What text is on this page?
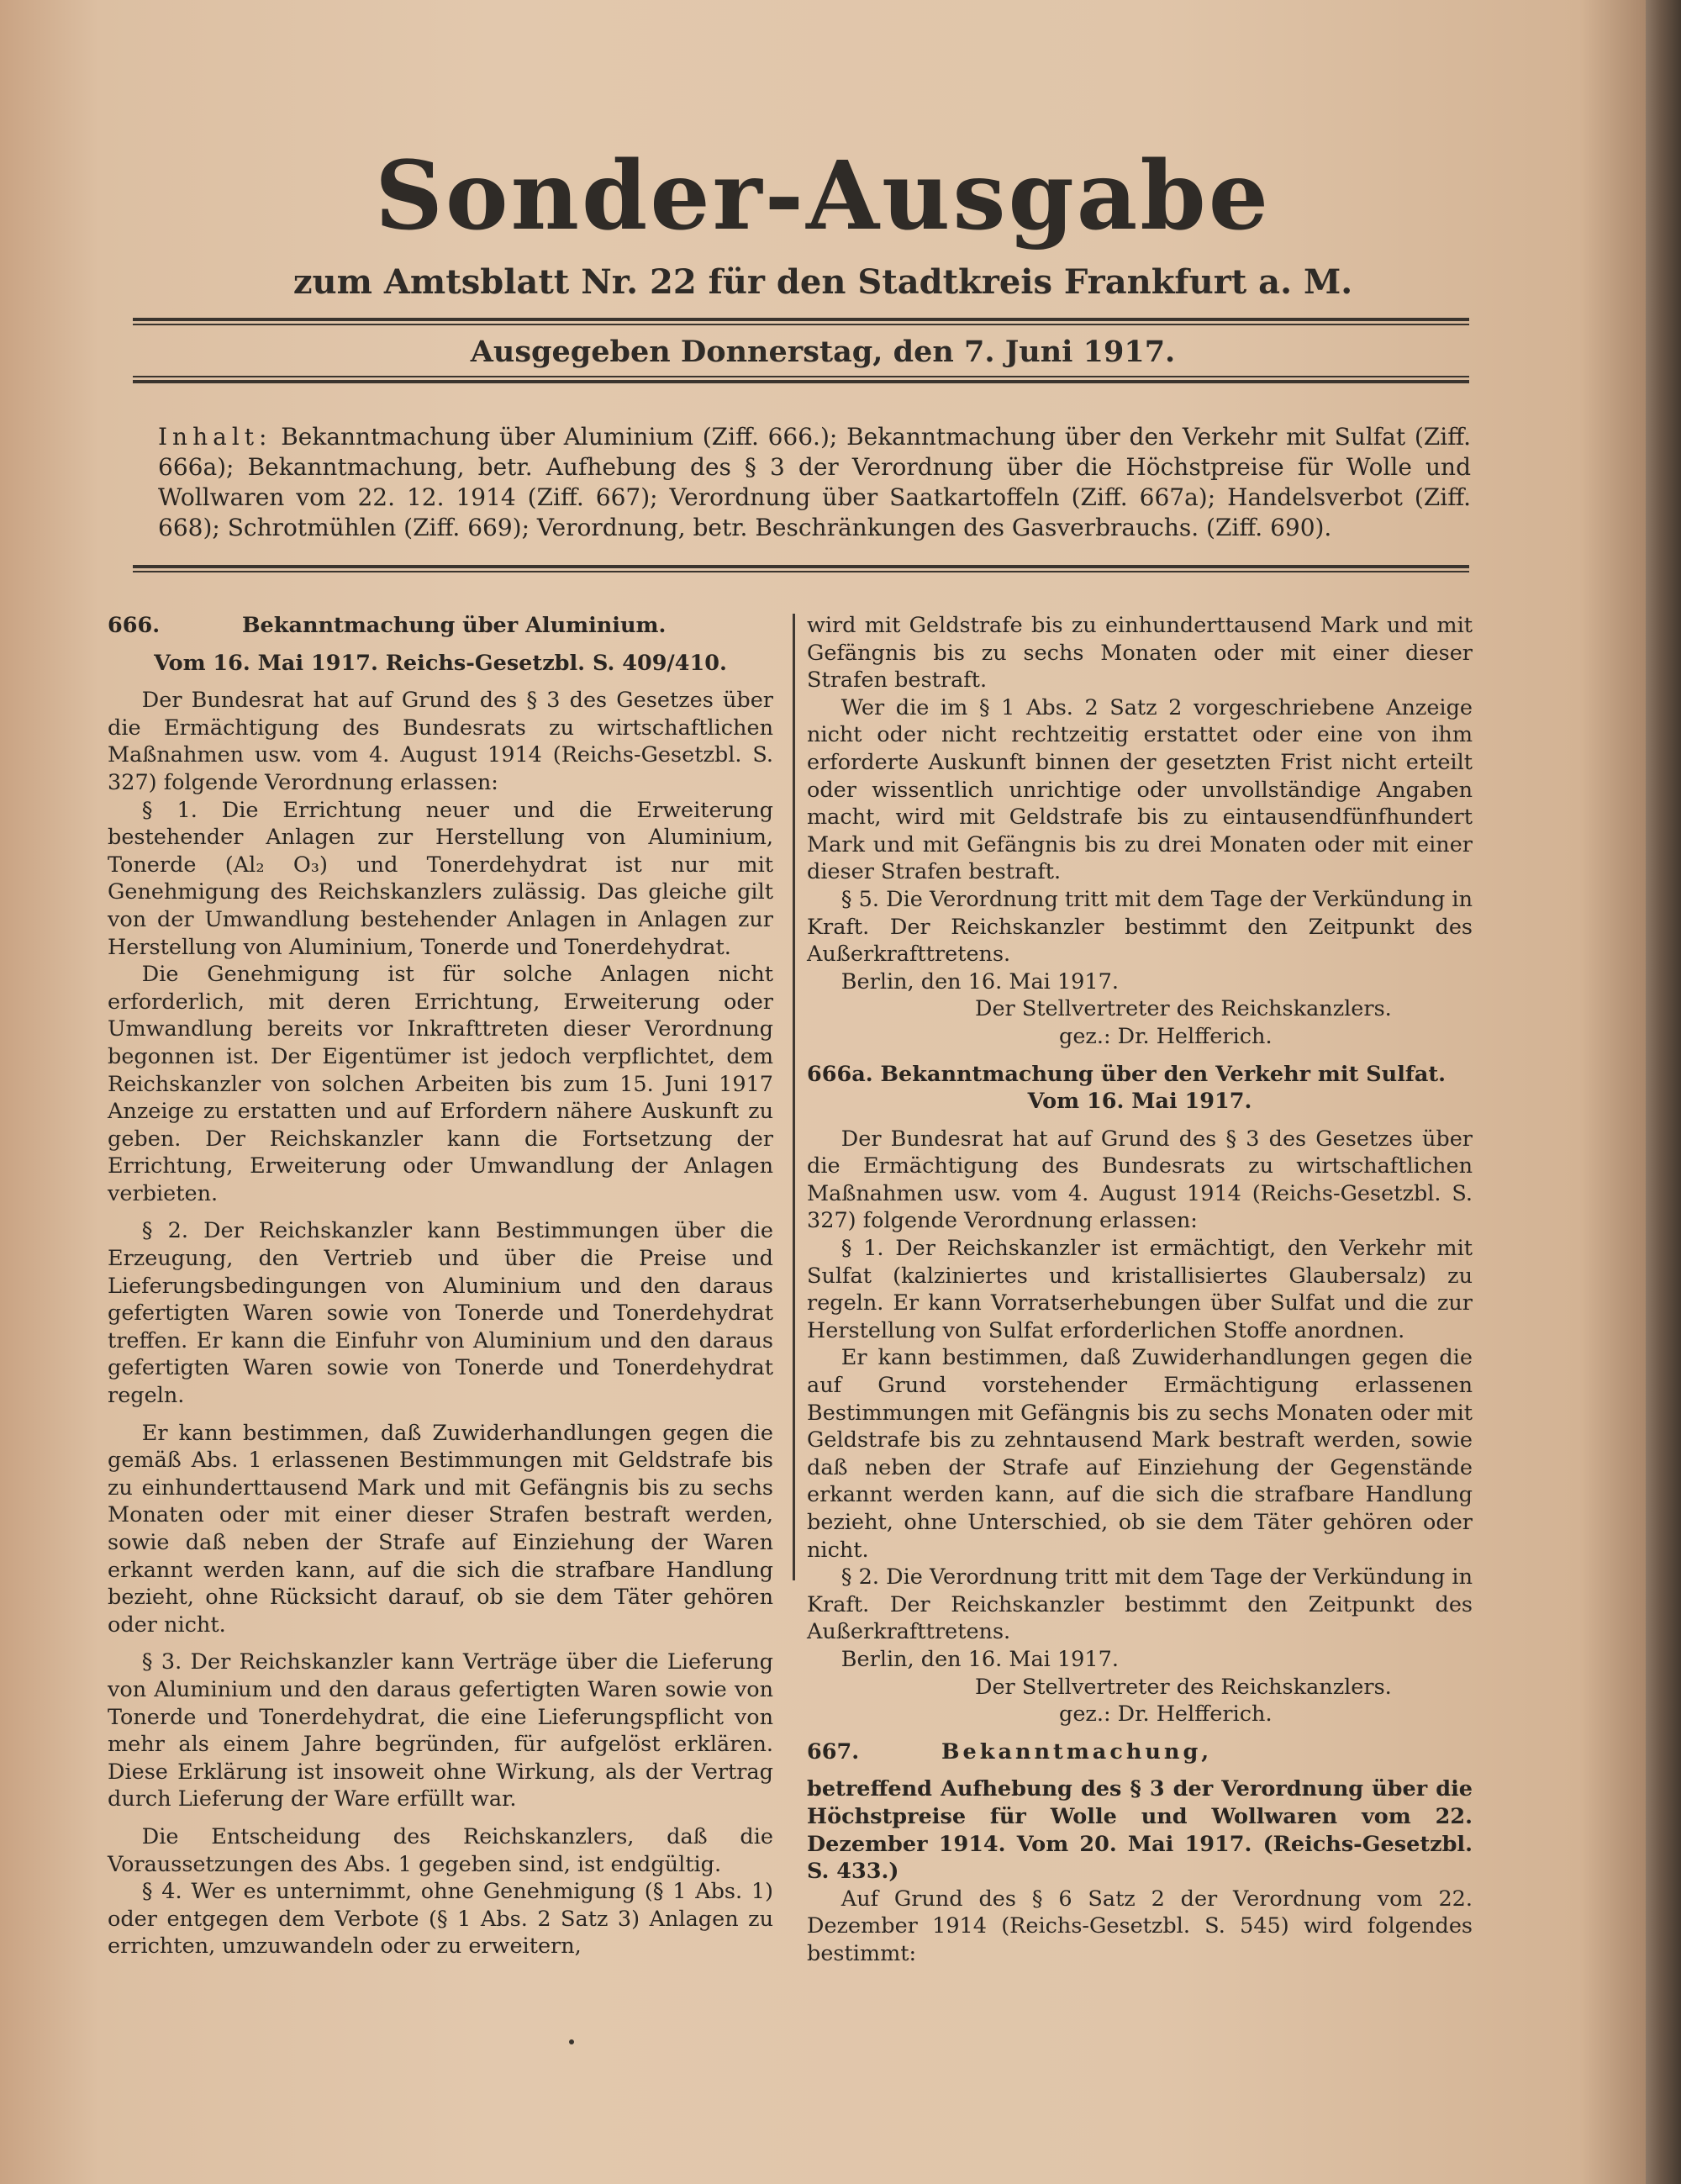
Sonder-Ausgabe
zum Amtsblatt Nr. 22 für den Stadtkreis Frankfurt a. M.
Ausgegeben Donnerstag, den 7. Juni 1917.
Inhalt: Bekanntmachung über Aluminium (Ziff. 666.); Bekanntmachung über den Verkehr mit Sulfat (Ziff. 666a); Bekanntmachung, betr. Aufhebung des § 3 der Verordnung über die Höchstpreise für Wolle und Wollwaren vom 22. 12. 1914 (Ziff. 667); Verordnung über Saatkartoffeln (Ziff. 667a); Handelsverbot (Ziff. 668); Schrotmühlen (Ziff. 669); Verordnung, betr. Beschränkungen des Gasverbrauchs. (Ziff. 690).

666.	Bekanntmachung über Aluminium.

Vom 16. Mai 1917. Reichs-Gesetzbl. S. 409/410.

Der Bundesrat hat auf Grund des § 3 des Gesetzes über die Ermächtigung des Bundesrats zu wirtschaftlichen Maßnahmen usw. vom 4. August 1914 (Reichs-Gesetzbl. S. 327) folgende Verordnung erlassen:

§ 1. Die Errichtung neuer und die Erweiterung bestehender Anlagen zur Herstellung von Aluminium, Tonerde (Al₂ O₃) und Tonerdehydrat ist nur mit Genehmigung des Reichskanzlers zulässig. Das gleiche gilt von der Umwandlung bestehender Anlagen in Anlagen zur Herstellung von Aluminium, Tonerde und Tonerdehydrat.

Die Genehmigung ist für solche Anlagen nicht erforderlich, mit deren Errichtung, Erweiterung oder Umwandlung bereits vor Inkrafttreten dieser Verordnung begonnen ist. Der Eigentümer ist jedoch verpflichtet, dem Reichskanzler von solchen Arbeiten bis zum 15. Juni 1917 Anzeige zu erstatten und auf Erfordern nähere Auskunft zu geben. Der Reichskanzler kann die Fortsetzung der Errichtung, Erweiterung oder Umwandlung der Anlagen verbieten.

§ 2. Der Reichskanzler kann Bestimmungen über die Erzeugung, den Vertrieb und über die Preise und Lieferungsbedingungen von Aluminium und den daraus gefertigten Waren sowie von Tonerde und Tonerdehydrat treffen. Er kann die Einfuhr von Aluminium und den daraus gefertigten Waren sowie von Tonerde und Tonerdehydrat regeln.

Er kann bestimmen, daß Zuwiderhandlungen gegen die gemäß Abs. 1 erlassenen Bestimmungen mit Geldstrafe bis zu einhunderttausend Mark und mit Gefängnis bis zu sechs Monaten oder mit einer dieser Strafen bestraft werden, sowie daß neben der Strafe auf Einziehung der Waren erkannt werden kann, auf die sich die strafbare Handlung bezieht, ohne Rücksicht darauf, ob sie dem Täter gehören oder nicht.

§ 3. Der Reichskanzler kann Verträge über die Lieferung von Aluminium und den daraus gefertigten Waren sowie von Tonerde und Tonerdehydrat, die eine Lieferungspflicht von mehr als einem Jahre begründen, für aufgelöst erklären. Diese Erklärung ist insoweit ohne Wirkung, als der Vertrag durch Lieferung der Ware erfüllt war.

Die Entscheidung des Reichskanzlers, daß die Voraussetzungen des Abs. 1 gegeben sind, ist endgültig.

§ 4. Wer es unternimmt, ohne Genehmigung (§ 1 Abs. 1) oder entgegen dem Verbote (§ 1 Abs. 2 Satz 3) Anlagen zu errichten, umzuwandeln oder zu erweitern,

wird mit Geldstrafe bis zu einhunderttausend Mark und mit Gefängnis bis zu sechs Monaten oder mit einer dieser Strafen bestraft.

Wer die im § 1 Abs. 2 Satz 2 vorgeschriebene Anzeige nicht oder nicht rechtzeitig erstattet oder eine von ihm erforderte Auskunft binnen der gesetzten Frist nicht erteilt oder wissentlich unrichtige oder unvollständige Angaben macht, wird mit Geldstrafe bis zu eintausendfünfhundert Mark und mit Gefängnis bis zu drei Monaten oder mit einer dieser Strafen bestraft.

§ 5. Die Verordnung tritt mit dem Tage der Verkündung in Kraft. Der Reichskanzler bestimmt den Zeitpunkt des Außerkrafttretens.

Berlin, den 16. Mai 1917.

Der Stellvertreter des Reichskanzlers.

gez.: Dr. Helfferich.

666a. Bekanntmachung über den Verkehr mit Sulfat.

Vom 16. Mai 1917.

Der Bundesrat hat auf Grund des § 3 des Gesetzes über die Ermächtigung des Bundesrats zu wirtschaftlichen Maßnahmen usw. vom 4. August 1914 (Reichs-Gesetzbl. S. 327) folgende Verordnung erlassen:

§ 1. Der Reichskanzler ist ermächtigt, den Verkehr mit Sulfat (kalziniertes und kristallisiertes Glaubersalz) zu regeln. Er kann Vorratserhebungen über Sulfat und die zur Herstellung von Sulfat erforderlichen Stoffe anordnen.

Er kann bestimmen, daß Zuwiderhandlungen gegen die auf Grund vorstehender Ermächtigung erlassenen Bestimmungen mit Gefängnis bis zu sechs Monaten oder mit Geldstrafe bis zu zehntausend Mark bestraft werden, sowie daß neben der Strafe auf Einziehung der Gegenstände erkannt werden kann, auf die sich die strafbare Handlung bezieht, ohne Unterschied, ob sie dem Täter gehören oder nicht.

§ 2. Die Verordnung tritt mit dem Tage der Verkündung in Kraft. Der Reichskanzler bestimmt den Zeitpunkt des Außerkrafttretens.

Berlin, den 16. Mai 1917.

Der Stellvertreter des Reichskanzlers.

gez.: Dr. Helfferich.

667.	Bekanntmachung,

betreffend Aufhebung des § 3 der Verordnung über die Höchstpreise für Wolle und Wollwaren vom 22. Dezember 1914. Vom 20. Mai 1917. (Reichs-Gesetzbl. S. 433.)

Auf Grund des § 6 Satz 2 der Verordnung vom 22. Dezember 1914 (Reichs-Gesetzbl. S. 545) wird folgendes bestimmt:
